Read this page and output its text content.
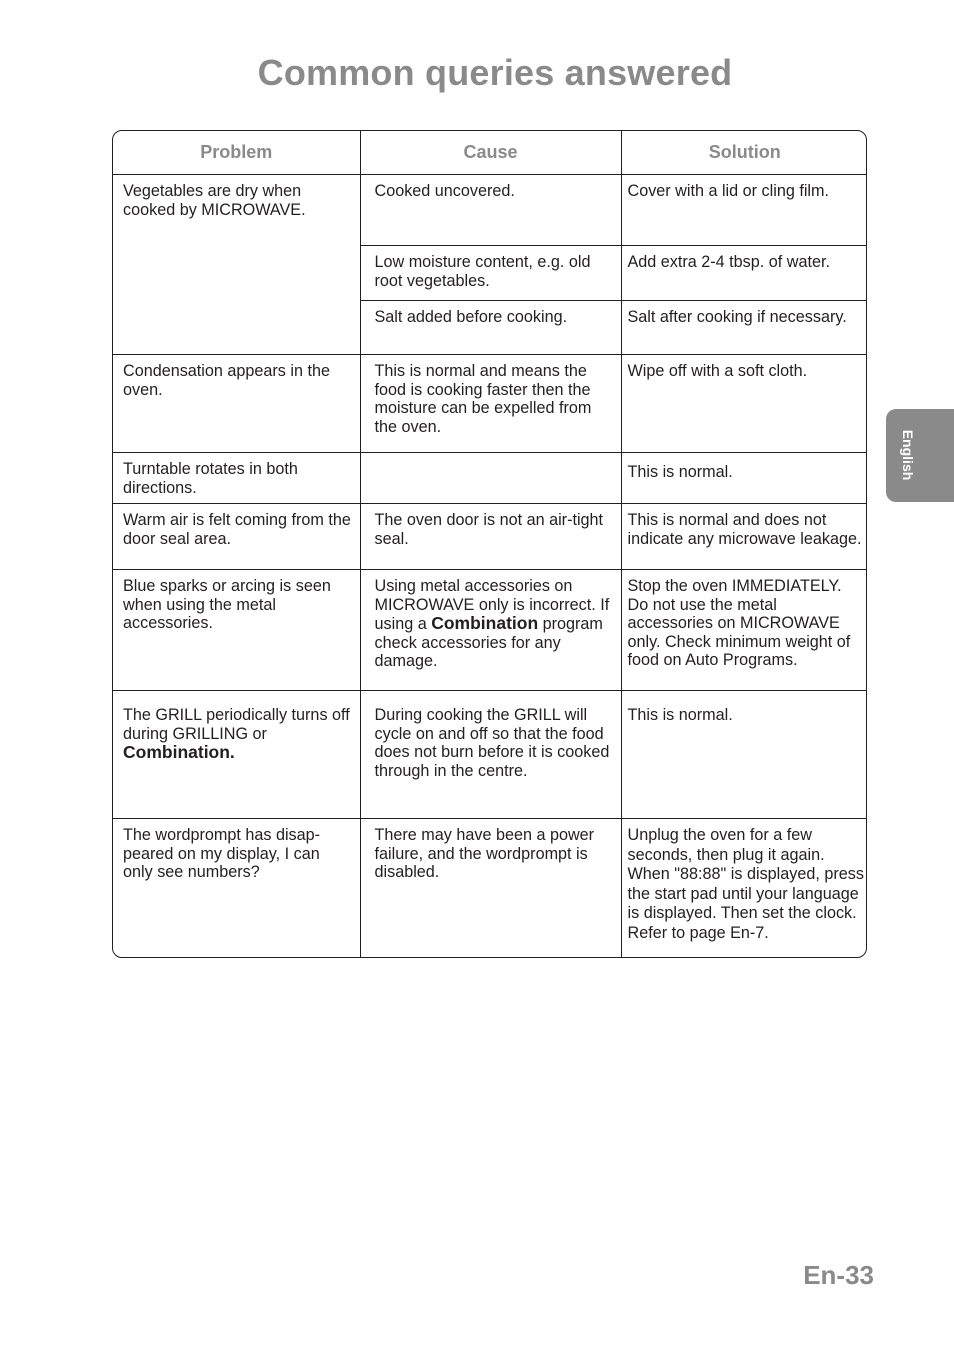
Common queries answered
Problem	Cause	Solution
Vegetables are dry when cooked by MICROWAVE.	Cooked uncovered.	Cover with a lid or cling film.
	Low moisture content, e.g. old root vegetables.	Add extra 2-4 tbsp. of water.
	Salt added before cooking.	Salt after cooking if necessary.
Condensation appears in the oven.	This is normal and means the food is cooking faster then the moisture can be expelled from the oven.	Wipe off with a soft cloth.
Turntable rotates in both directions.		This is normal.
Warm air is felt coming from the door seal area.	The oven door is not an air-tight seal.	This is normal and does not indicate any microwave leakage.
Blue sparks or arcing is seen when using the metal accessories.	Using metal accessories on MICROWAVE only is incorrect. If using a Combination program check accessories for any damage.	Stop the oven IMMEDIATELY. Do not use the metal accessories on MICROWAVE only. Check minimum weight of food on Auto Programs.
The GRILL periodically turns off during GRILLING or Combination.	During cooking the GRILL will cycle on and off so that the food does not burn before it is cooked through in the centre.	This is normal.
The wordprompt has disap-peared on my display, I can only see numbers?	There may have been a power failure, and the wordprompt is disabled.	Unplug the oven for a few seconds, then plug it again. When "88:88" is displayed, press the start pad until your language is displayed. Then set the clock. Refer to page En-7.
English
En-33
